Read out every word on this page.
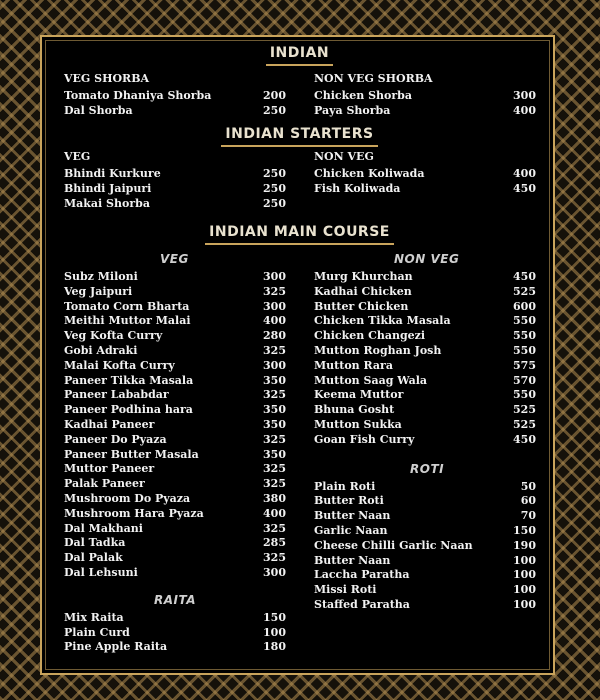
INDIAN
VEG SHORBA
Tomato Dhaniya Shorba	200
Dal Shorba	250
NON VEG SHORBA
Chicken Shorba	300
Paya Shorba	400
INDIAN STARTERS
VEG
Bhindi Kurkure	250
Bhindi Jaipuri	250
Makai Shorba	250
NON VEG
Chicken Koliwada	400
Fish Koliwada	450
INDIAN MAIN COURSE
VEG
Subz Miloni	300
Veg Jaipuri	325
Tomato Corn Bharta	300
Meithi Muttor Malai	400
Veg Kofta Curry	280
Gobi Adraki	325
Malai Kofta Curry	300
Paneer Tikka Masala	350
Paneer Lababdar	325
Paneer Podhina hara	350
Kadhai Paneer	350
Paneer Do Pyaza	325
Paneer Butter Masala	350
Muttor Paneer	325
Palak Paneer	325
Mushroom Do Pyaza	380
Mushroom Hara Pyaza	400
Dal Makhani	325
Dal Tadka	285
Dal Palak	325
Dal Lehsuni	300
RAITA
Mix Raita	150
Plain Curd	100
Pine Apple Raita	180
NON VEG
Murg Khurchan	450
Kadhai Chicken	525
Butter Chicken	600
Chicken Tikka Masala	550
Chicken Changezi	550
Mutton Roghan Josh	550
Mutton Rara	575
Mutton Saag Wala	570
Keema Muttor	550
Bhuna Gosht	525
Mutton Sukka	525
Goan Fish Curry	450
ROTI
Plain Roti	50
Butter Roti	60
Butter Naan	70
Garlic Naan	150
Cheese Chilli Garlic Naan	190
Butter Naan	100
Laccha Paratha	100
Missi Roti	100
Staffed Paratha	100
